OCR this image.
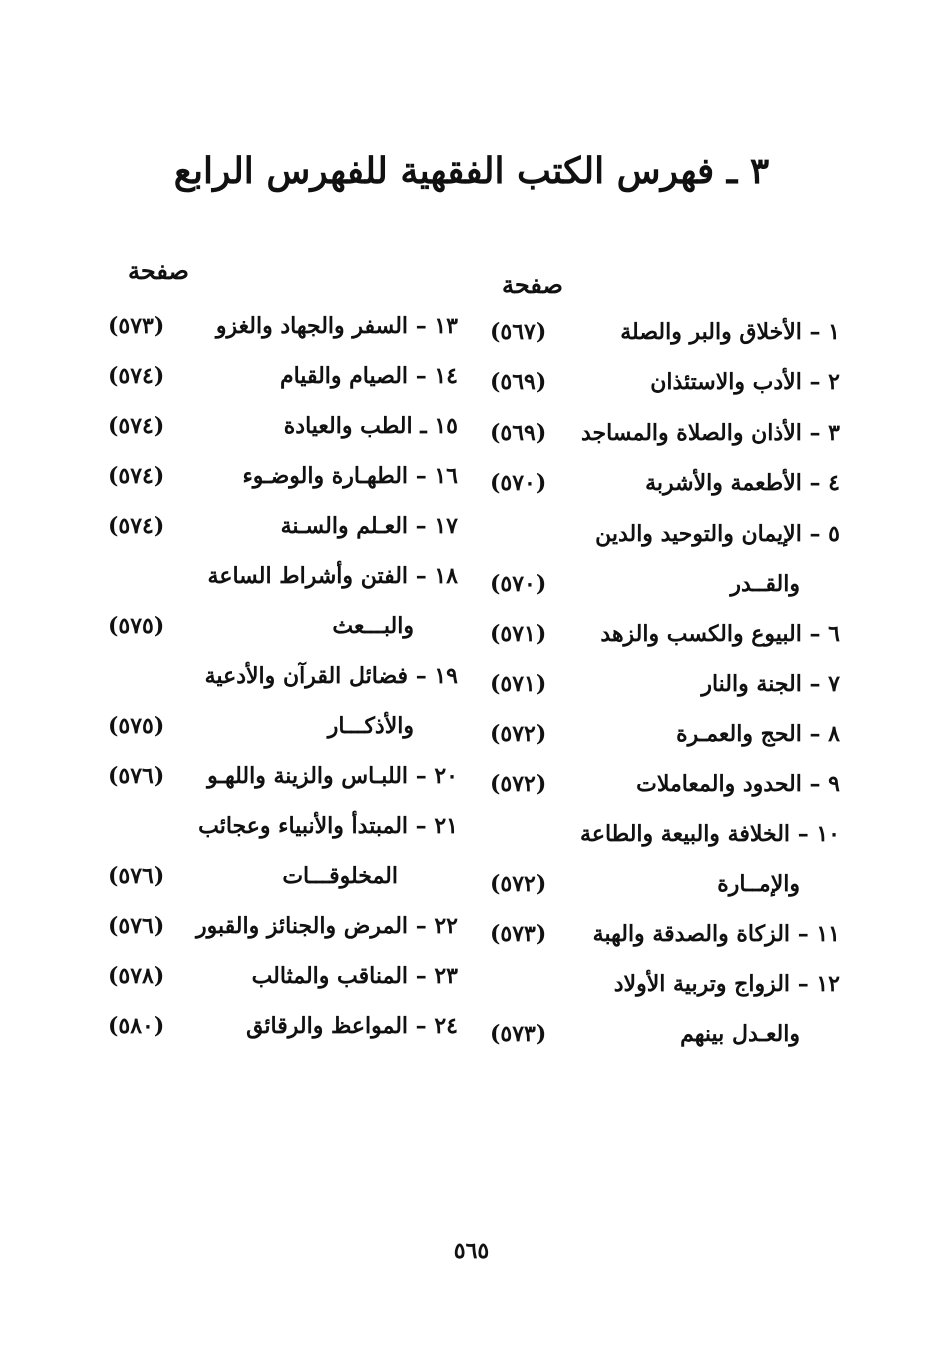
٣ ـ فهرس الكتب الفقهية للفهرس الرابع
صفحة	صفحة
١ – الأخلاق والبر والصلة
(٥٦٧)
٢ – الأدب والاستئذان
(٥٦٩)
٣ – الأذان والصلاة والمساجد
(٥٦٩)
٤ – الأطعمة والأشربة
(٥٧٠)
٥ – الإيمان والتوحيد والدين
والقــدر
(٥٧٠)
٦ – البيوع والكسب والزهد
(٥٧١)
٧ – الجنة والنار
(٥٧١)
٨ – الحج والعمـرة
(٥٧٢)
٩ – الحدود والمعاملات
(٥٧٢)
١٠ – الخلافة والبيعة والطاعة
والإمــارة
(٥٧٢)
١١ – الزكاة والصدقة والهبة
(٥٧٣)
١٢ – الزواج وتربية الأولاد
والعـدل بينهم
(٥٧٣)
١٣ – السفر والجهاد والغزو
(٥٧٣)
١٤ – الصيام والقيام
(٥٧٤)
١٥ ـ الطب والعيادة
(٥٧٤)
١٦ – الطهـارة والوضـوء
(٥٧٤)
١٧ – العـلم والسـنة
(٥٧٤)
١٨ – الفتن وأشراط الساعة
والبـــعث
(٥٧٥)
١٩ – فضائل القرآن والأدعية
والأذكـــار
(٥٧٥)
٢٠ – اللبـاس والزينة واللهـو
(٥٧٦)
٢١ – المبتدأ والأنبياء وعجائب
المخلوقـــات
(٥٧٦)
٢٢ – المرض والجنائز والقبور
(٥٧٦)
٢٣ – المناقب والمثالب
(٥٧٨)
٢٤ – المواعظ والرقائق
(٥٨٠)
٥٦٥
